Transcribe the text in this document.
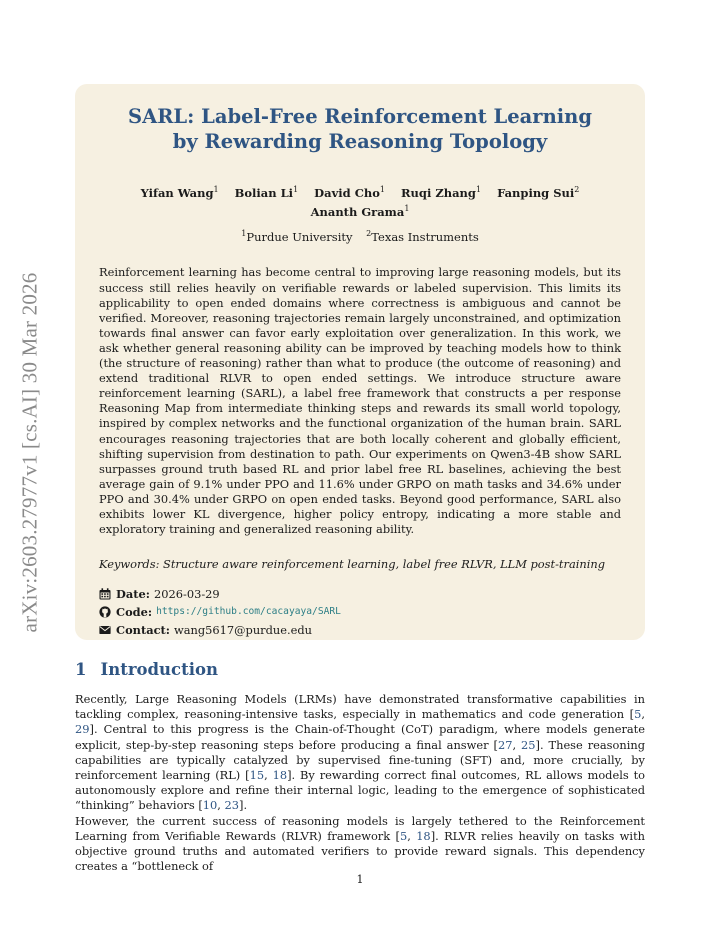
arXiv:2603.27977v1 [cs.AI] 30 Mar 2026
SARL: Label-Free Reinforcement Learning
by Rewarding Reasoning Topology
Yifan Wang$^1$ Bolian Li$^1$ David Cho$^1$ Ruqi Zhang$^1$ Fanping Sui$^2$ Ananth Grama$^1$
$^1$Purdue University $^2$Texas Instruments
Reinforcement learning has become central to improving large reasoning models, but its success still relies heavily on verifiable rewards or labeled supervision. This limits its applicability to open ended domains where correctness is ambiguous and cannot be verified. Moreover, reasoning trajectories remain largely unconstrained, and optimization towards final answer can favor early exploitation over generalization. In this work, we ask whether general reasoning ability can be improved by teaching models how to think (the structure of reasoning) rather than what to produce (the outcome of reasoning) and extend traditional RLVR to open ended settings. We introduce structure aware reinforcement learning (SARL), a label free framework that constructs a per response Reasoning Map from intermediate thinking steps and rewards its small world topology, inspired by complex networks and the functional organization of the human brain. SARL encourages reasoning trajectories that are both locally coherent and globally efficient, shifting supervision from destination to path. Our experiments on Qwen3-4B show SARL surpasses ground truth based RL and prior label free RL baselines, achieving the best average gain of 9.1% under PPO and 11.6% under GRPO on math tasks and 34.6% under PPO and 30.4% under GRPO on open ended tasks. Beyond good performance, SARL also exhibits lower KL divergence, higher policy entropy, indicating a more stable and exploratory training and generalized reasoning ability.
Keywords: Structure aware reinforcement learning, label free RLVR, LLM post-training
Date: 2026-03-29
Code: https://github.com/cacayaya/SARL
Contact: wang5617@purdue.edu
1 Introduction

Recently, Large Reasoning Models (LRMs) have demonstrated transformative capabilities in tackling complex, reasoning-intensive tasks, especially in mathematics and code generation [5, 29]. Central to this progress is the Chain-of-Thought (CoT) paradigm, where models generate explicit, step-by-step reasoning steps before producing a final answer [27, 25]. These reasoning capabilities are typically catalyzed by supervised fine-tuning (SFT) and, more crucially, by reinforcement learning (RL) [15, 18]. By rewarding correct final outcomes, RL allows models to autonomously explore and refine their internal logic, leading to the emergence of sophisticated “thinking” behaviors [10, 23].

However, the current success of reasoning models is largely tethered to the Reinforcement Learning from Verifiable Rewards (RLVR) framework [5, 18]. RLVR relies heavily on tasks with objective ground truths and automated verifiers to provide reward signals. This dependency creates a “bottleneck of

1
